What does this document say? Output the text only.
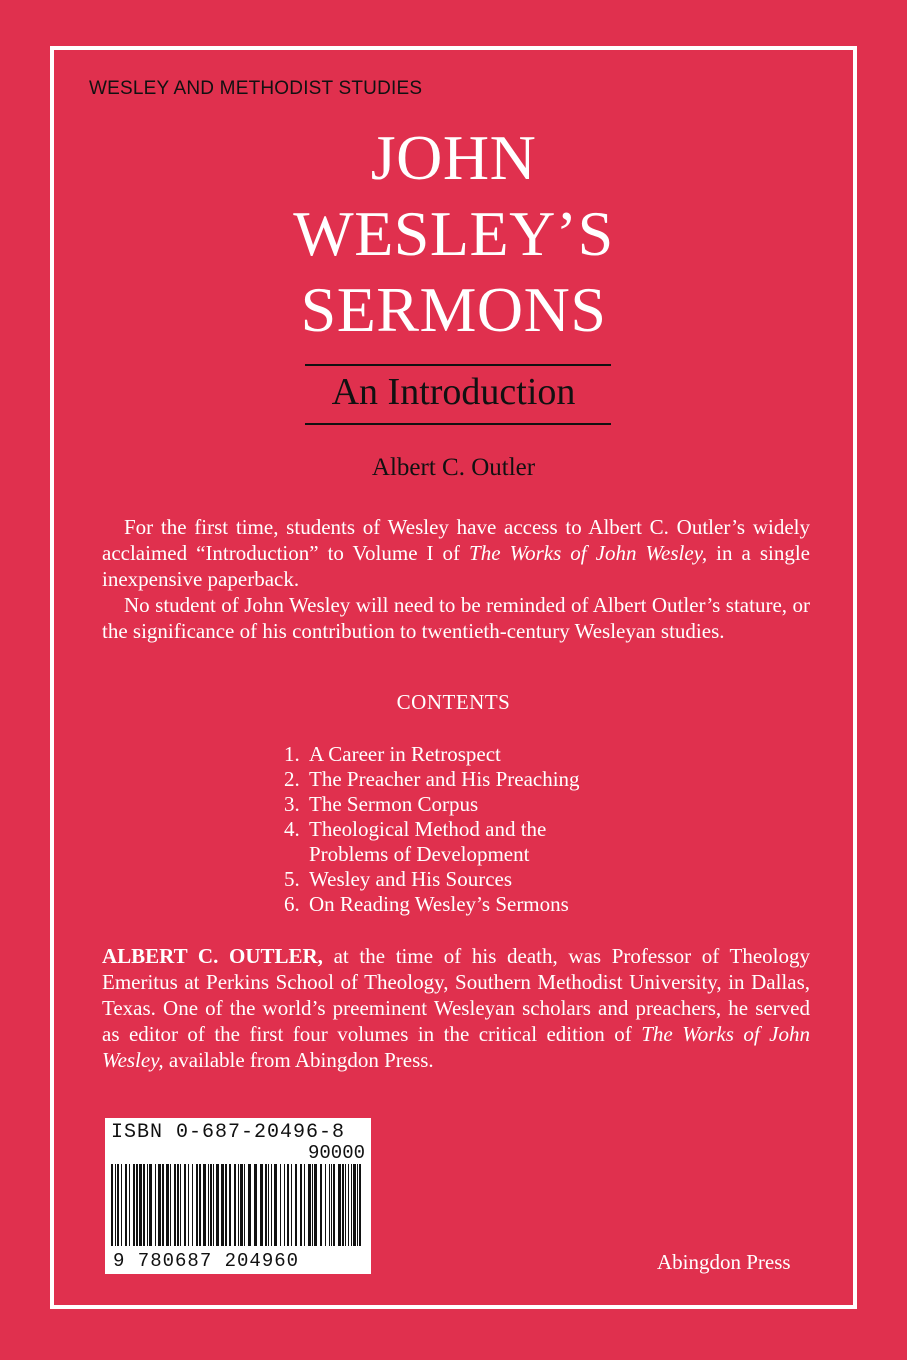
WESLEY AND METHODIST STUDIES
JOHN
WESLEY’S
SERMONS
An Introduction
Albert C. Outler

For the first time, students of Wesley have access to Albert C. Outler’s widely acclaimed “Introduction” to Volume I of The Works of John Wesley, in a single inexpensive paperback.

No student of John Wesley will need to be reminded of Albert Outler’s stature, or the significance of his contribution to twentieth-century Wesleyan studies.

CONTENTS
1. A Career in Retrospect
2. The Preacher and His Preaching
3. The Sermon Corpus
4. Theological Method and the Problems of Development
5. Wesley and His Sources
6. On Reading Wesley’s Sermons
ALBERT C. OUTLER, at the time of his death, was Professor of Theology Emeritus at Perkins School of Theology, Southern Methodist University, in Dallas, Texas. One of the world’s preeminent Wesleyan scholars and preachers, he served as editor of the first four volumes in the critical edition of The Works of John Wesley, available from Abingdon Press.
ISBN 0-687-20496-8
90000
9 780687 204960	Abingdon Press
